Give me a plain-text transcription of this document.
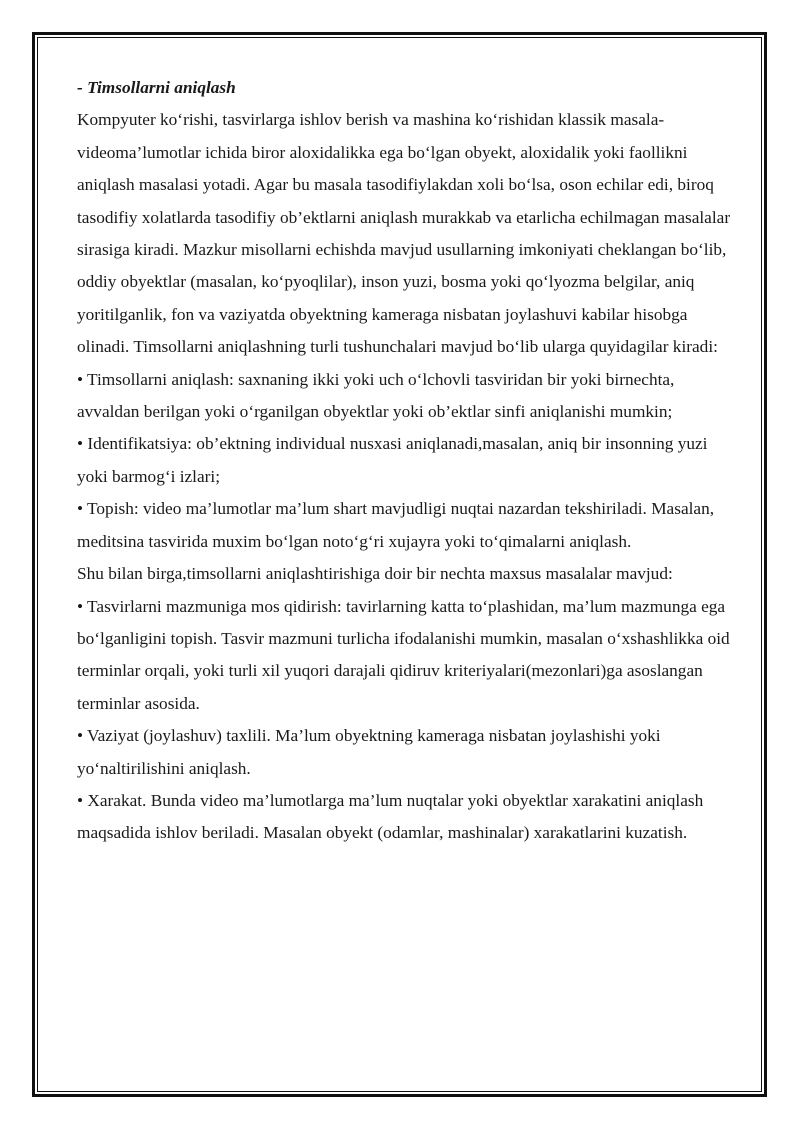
- Timsollarni aniqlash

Kompyuter ko‘rishi, tasvirlarga ishlov berish va mashina ko‘rishidan klassik masala-videoma’lumotlar ichida biror aloxidalikka ega bo‘lgan obyekt, aloxidalik yoki faollikni aniqlash masalasi yotadi. Agar bu masala tasodifiylakdan xoli bo‘lsa, oson echilar edi, biroq tasodifiy xolatlarda tasodifiy ob’ektlarni aniqlash murakkab va etarlicha echilmagan masalalar sirasiga kiradi. Mazkur misollarni echishda mavjud usullarning imkoniyati cheklangan bo‘lib, oddiy obyektlar (masalan, ko‘pyoqlilar), inson yuzi, bosma yoki qo‘lyozma belgilar, aniq yoritilganlik, fon va vaziyatda obyektning kameraga nisbatan joylashuvi kabilar hisobga olinadi. Timsollarni aniqlashning turli tushunchalari mavjud bo‘lib ularga quyidagilar kiradi:

• Timsollarni aniqlash: saxnaning ikki yoki uch o‘lchovli tasviridan bir yoki birnechta, avvaldan berilgan yoki o‘rganilgan obyektlar yoki ob’ektlar sinfi aniqlanishi mumkin;

• Identifikatsiya: ob’ektning individual nusxasi aniqlanadi,masalan, aniq bir insonning yuzi yoki barmog‘i izlari;

• Topish: video ma’lumotlar ma’lum shart mavjudligi nuqtai nazardan tekshiriladi. Masalan, meditsina tasvirida muxim bo‘lgan noto‘g‘ri xujayra yoki to‘qimalarni aniqlash.

Shu bilan birga,timsollarni aniqlashtirishiga doir bir nechta maxsus masalalar mavjud:

• Tasvirlarni mazmuniga mos qidirish: tavirlarning katta to‘plashidan, ma’lum mazmunga ega bo‘lganligini topish. Tasvir mazmuni turlicha ifodalanishi mumkin, masalan o‘xshashlikka oid terminlar orqali, yoki turli xil yuqori darajali qidiruv kriteriyalari(mezonlari)ga asoslangan terminlar asosida.

• Vaziyat (joylashuv) taxlili. Ma’lum obyektning kameraga nisbatan joylashishi yoki yo‘naltirilishini aniqlash.

• Xarakat. Bunda video ma’lumotlarga ma’lum nuqtalar yoki obyektlar xarakatini aniqlash maqsadida ishlov beriladi. Masalan obyekt (odamlar, mashinalar) xarakatlarini kuzatish.
